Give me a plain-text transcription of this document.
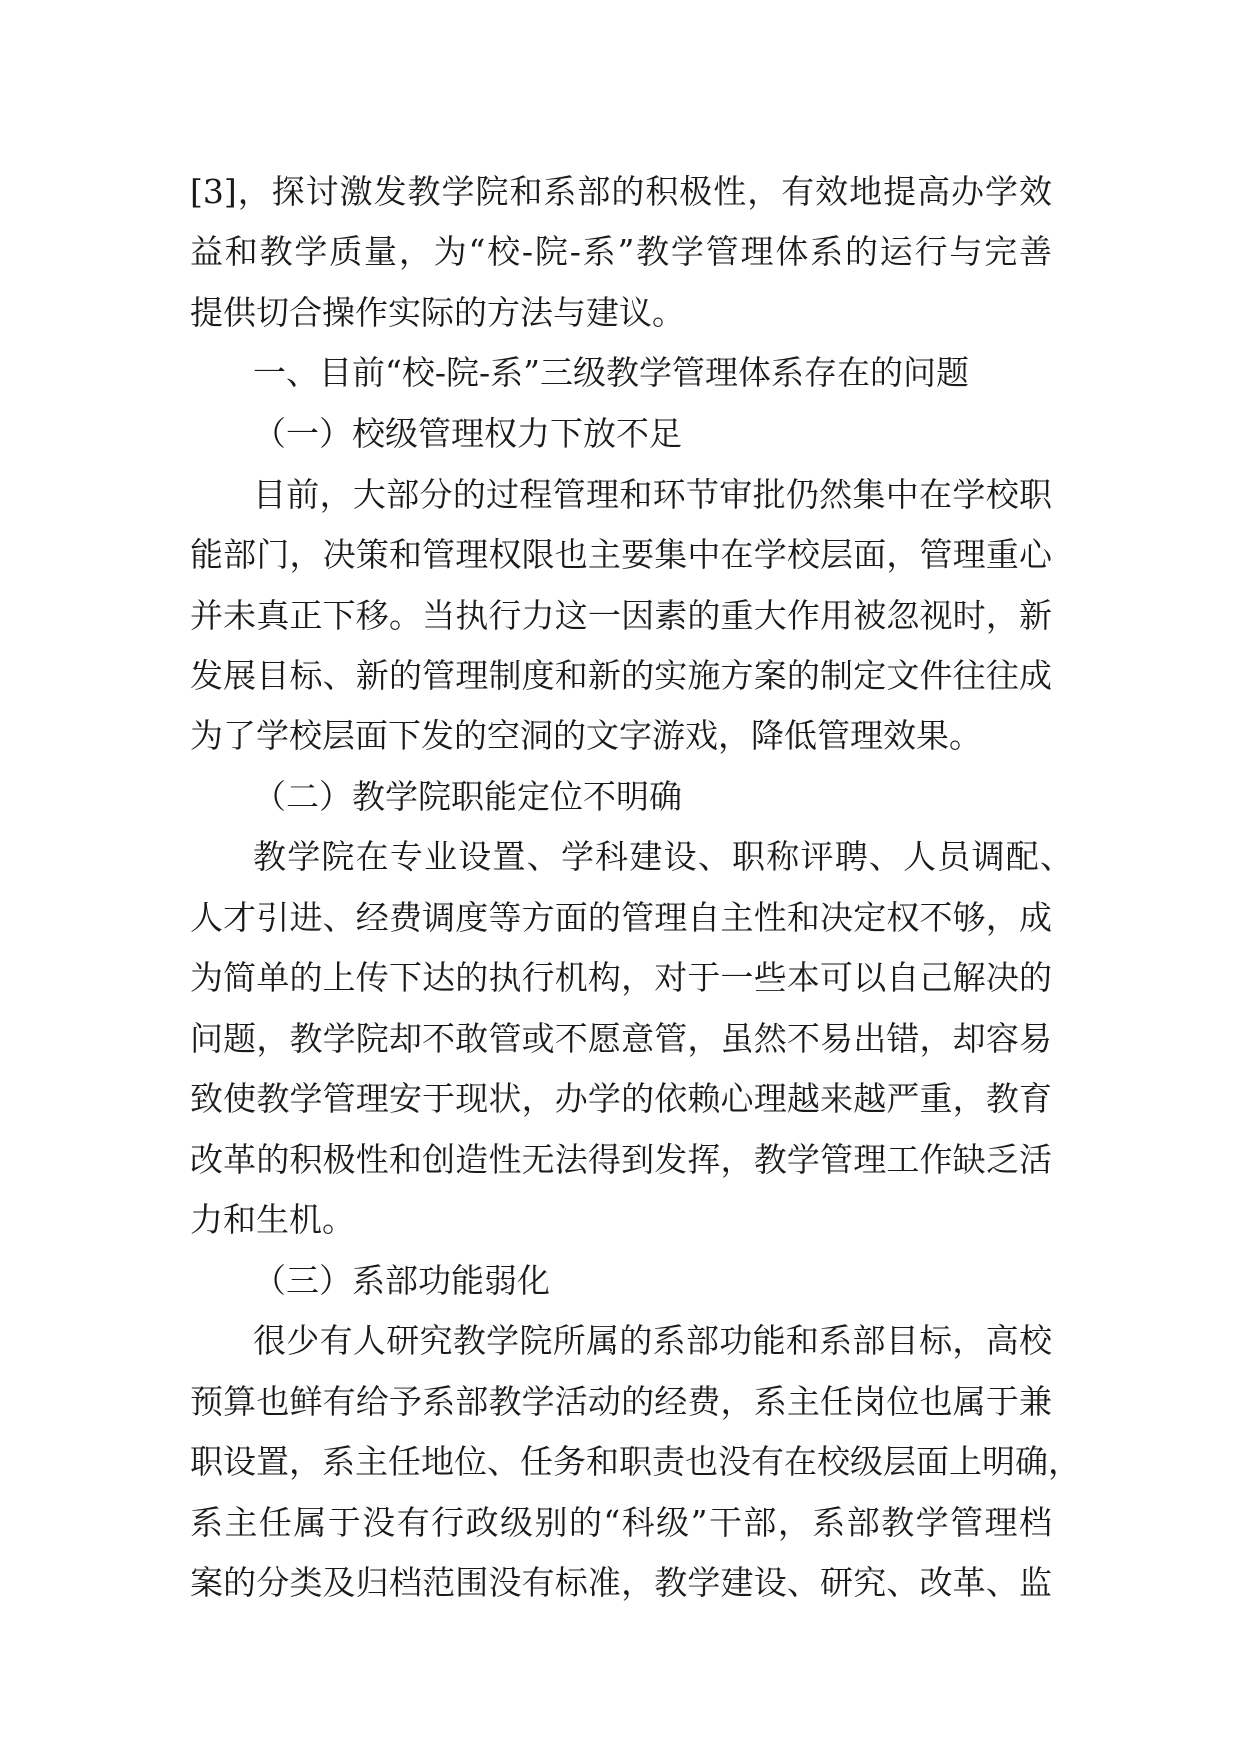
[3]，探讨激发教学院和系部的积极性，有效地提高办学效
益和教学质量，为“校-院-系”教学管理体系的运行与完善
提供切合操作实际的方法与建议。
一、目前“校-院-系”三级教学管理体系存在的问题
（一）校级管理权力下放不足
目前，大部分的过程管理和环节审批仍然集中在学校职
能部门，决策和管理权限也主要集中在学校层面，管理重心
并未真正下移。当执行力这一因素的重大作用被忽视时，新
发展目标、新的管理制度和新的实施方案的制定文件往往成
为了学校层面下发的空洞的文字游戏，降低管理效果。
（二）教学院职能定位不明确
教学院在专业设置、学科建设、职称评聘、人员调配、
人才引进、经费调度等方面的管理自主性和决定权不够，成
为简单的上传下达的执行机构，对于一些本可以自己解决的
问题，教学院却不敢管或不愿意管，虽然不易出错，却容易
致使教学管理安于现状，办学的依赖心理越来越严重，教育
改革的积极性和创造性无法得到发挥，教学管理工作缺乏活
力和生机。
（三）系部功能弱化
很少有人研究教学院所属的系部功能和系部目标，高校
预算也鲜有给予系部教学活动的经费，系主任岗位也属于兼
职设置，系主任地位、任务和职责也没有在校级层面上明确，
系主任属于没有行政级别的“科级”干部，系部教学管理档
案的分类及归档范围没有标准，教学建设、研究、改革、监
